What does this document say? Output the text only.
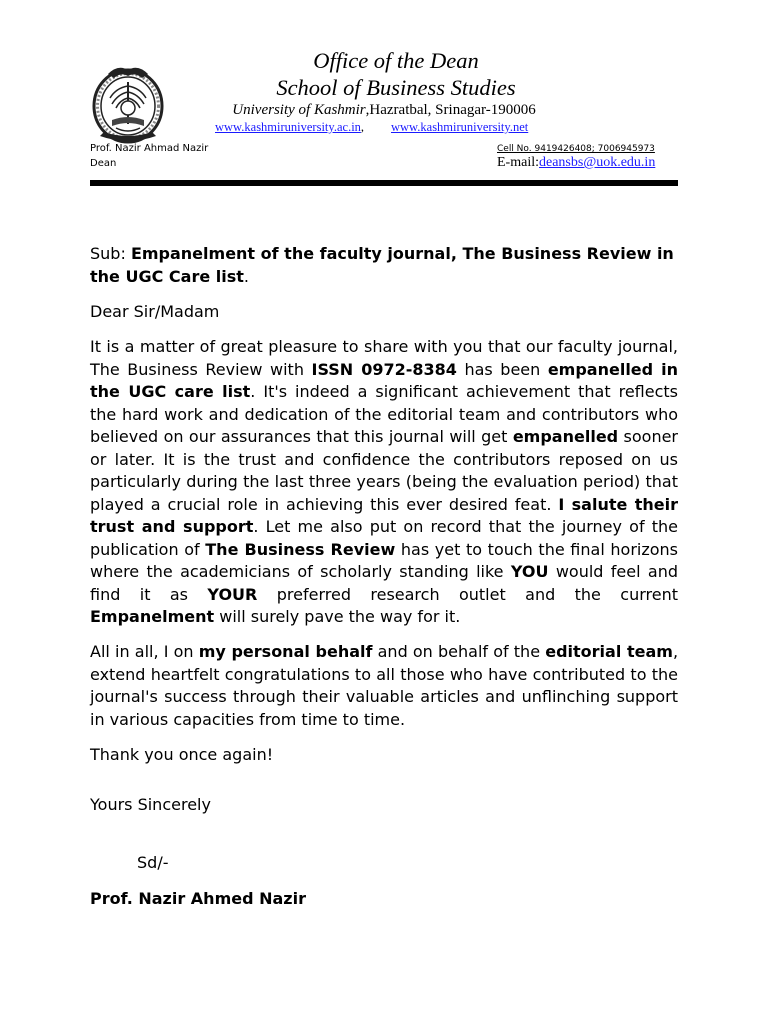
Office of the Dean
School of Business Studies
University of Kashmir,Hazratbal, Srinagar-190006
www.kashmiruniversity.ac.in, www.kashmiruniversity.net
Prof. Nazir Ahmad Nazir
Dean
Cell No. 9419426408; 7006945973
E-mail:deansbs@uok.edu.in
Sub: Empanelment of the faculty journal, The Business Review in the UGC Care list.
Dear Sir/Madam
It is a matter of great pleasure to share with you that our faculty journal, The Business Review with ISSN 0972-8384 has been empanelled in the UGC care list. It's indeed a significant achievement that reflects the hard work and dedication of the editorial team and contributors who believed on our assurances that this journal will get empanelled sooner or later. It is the trust and confidence the contributors reposed on us particularly during the last three years (being the evaluation period) that played a crucial role in achieving this ever desired feat. I salute their trust and support. Let me also put on record that the journey of the publication of The Business Review has yet to touch the final horizons where the academicians of scholarly standing like YOU would feel and find it as YOUR preferred research outlet and the current Empanelment will surely pave the way for it.
All in all, I on my personal behalf and on behalf of the editorial team, extend heartfelt congratulations to all those who have contributed to the journal's success through their valuable articles and unflinching support in various capacities from time to time.
Thank you once again!
Yours Sincerely
Sd/-
Prof. Nazir Ahmed Nazir
